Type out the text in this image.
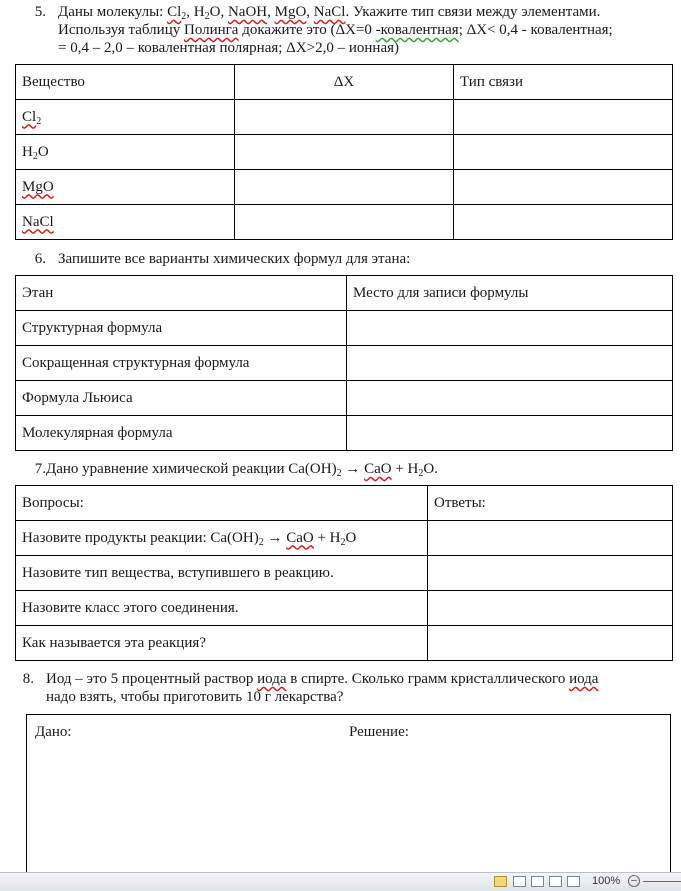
5. Даны молекулы: $Cl_2$, $H_2O$, NaOH, MgO, NaCl. Укажите тип связи между элементами.
Используя таблицу Полинга докажите это (ΔX=0 -ковалентная; ΔX< 0,4 - ковалентная;
= 0,4 – 2,0 – ковалентная полярная; ΔX>2,0 – ионная)
Вещество	ΔX	Тип связи
$Cl_2$		
$H_2O$		
MgO		
NaCl		
6. Запишите все варианты химических формул для этана:
Этан	Место для записи формулы
Структурная формула	
Сокращенная структурная формула	
Формула Льюиса	
Молекулярная формула	
7. Дано уравнение химической реакции $Ca(OH)_2$ → CaO + $H_2O$.
Вопросы:	Ответы:
Назовите продукты реакции: $Ca(OH)_2$ → CaO + $H_2O$	
Назовите тип вещества, вступившего в реакцию.	
Назовите класс этого соединения.	
Как называется эта реакция?	
8. Иод – это 5 процентный раствор иода в спирте. Сколько грамм кристаллического иода
надо взять, чтобы приготовить 10 г лекарства?
Дано:	Решение:
100%	–
